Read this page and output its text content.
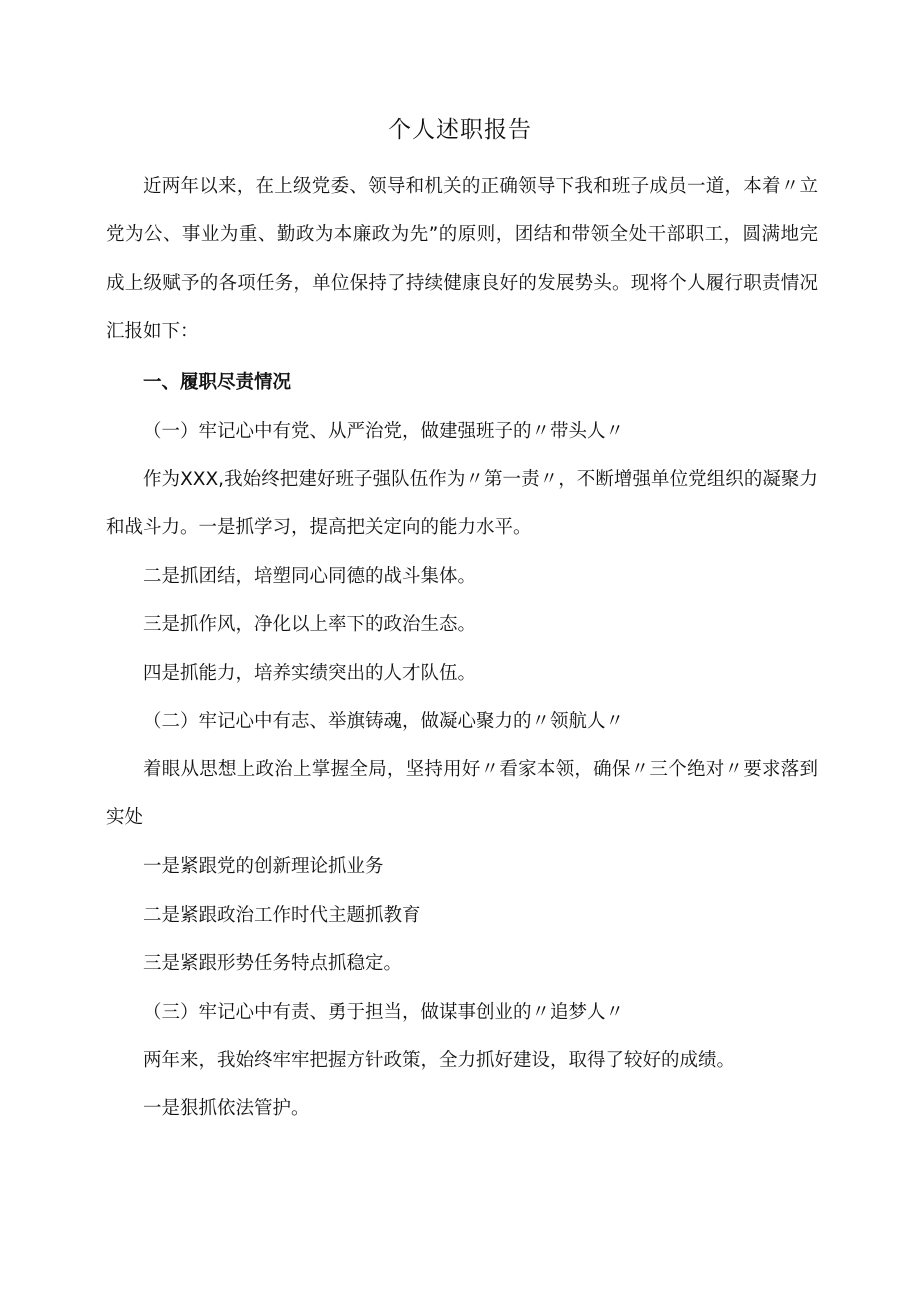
个人述职报告

近两年以来，在上级党委、领导和机关的正确领导下我和班子成员一道，本着〃立党为公、事业为重、勤政为本廉政为先”的原则，团结和带领全处干部职工，圆满地完成上级赋予的各项任务，单位保持了持续健康良好的发展势头。现将个人履行职责情况汇报如下：

一、履职尽责情况

（一）牢记心中有党、从严治党，做建强班子的〃带头人〃

作为XXX,我始终把建好班子强队伍作为〃第一责〃，不断增强单位党组织的凝聚力和战斗力。一是抓学习，提高把关定向的能力水平。

二是抓团结，培塑同心同德的战斗集体。

三是抓作风，净化以上率下的政治生态。

四是抓能力，培养实绩突出的人才队伍。

（二）牢记心中有志、举旗铸魂，做凝心聚力的〃领航人〃

着眼从思想上政治上掌握全局，坚持用好〃看家本领，确保〃三个绝对〃要求落到实处

一是紧跟党的创新理论抓业务

二是紧跟政治工作时代主题抓教育

三是紧跟形势任务特点抓稳定。

（三）牢记心中有责、勇于担当，做谋事创业的〃追梦人〃

两年来，我始终牢牢把握方针政策，全力抓好建设，取得了较好的成绩。

一是狠抓依法管护。
